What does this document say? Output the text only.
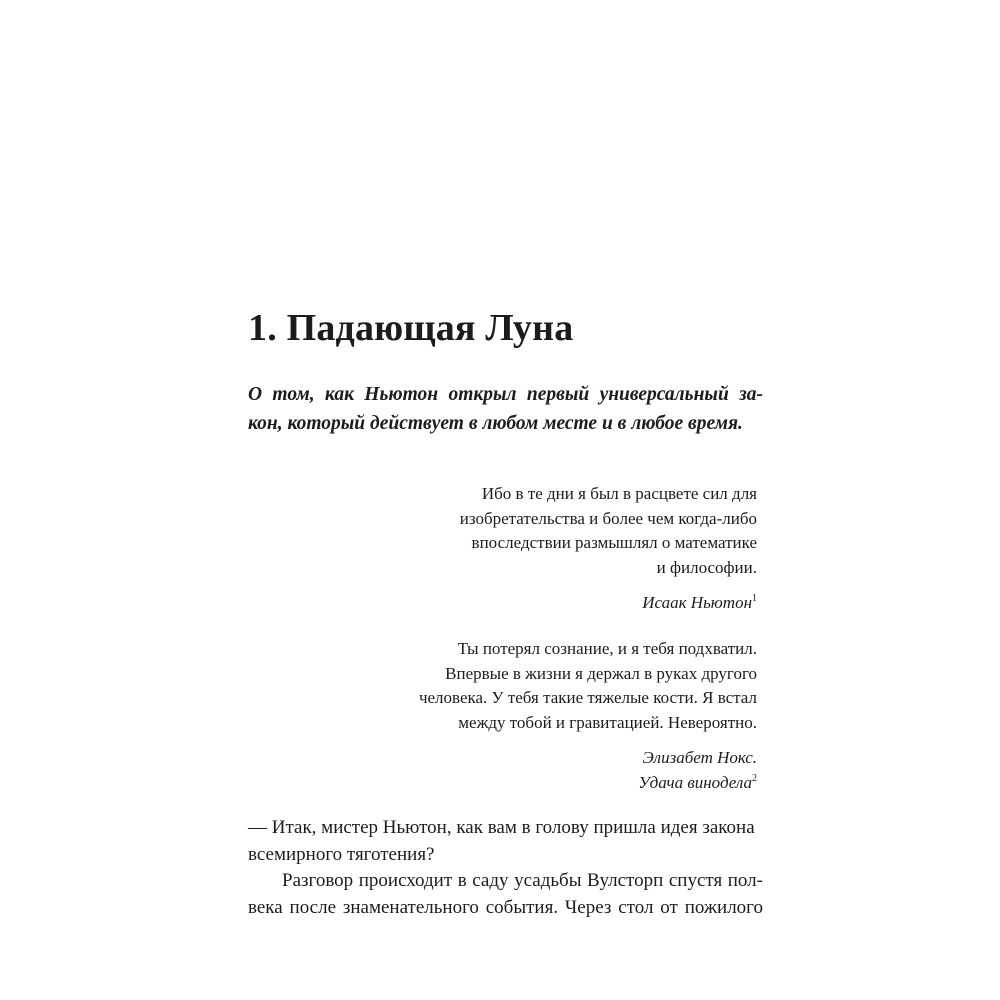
1. Падающая Луна
О том, как Ньютон открыл первый универсальный за-
кон, который действует в любом месте и в любое время.
Ибо в те дни я был в расцвете сил для
изобретательства и более чем когда-либо
впоследствии размышлял о математике
и философии.
Исаак Ньютон$^1$
Ты потерял сознание, и я тебя подхватил.
Впервые в жизни я держал в руках другого
человека. У тебя такие тяжелые кости. Я встал
между тобой и гравитацией. Невероятно.
Элизабет Нокс.
Удача винодела$^2$
— Итак, мистер Ньютон, как вам в голову пришла идея закона
всемирного тяготения?
Разговор происходит в саду усадьбы Вулсторп спустя пол-
века после знаменательного события. Через стол от пожилого
